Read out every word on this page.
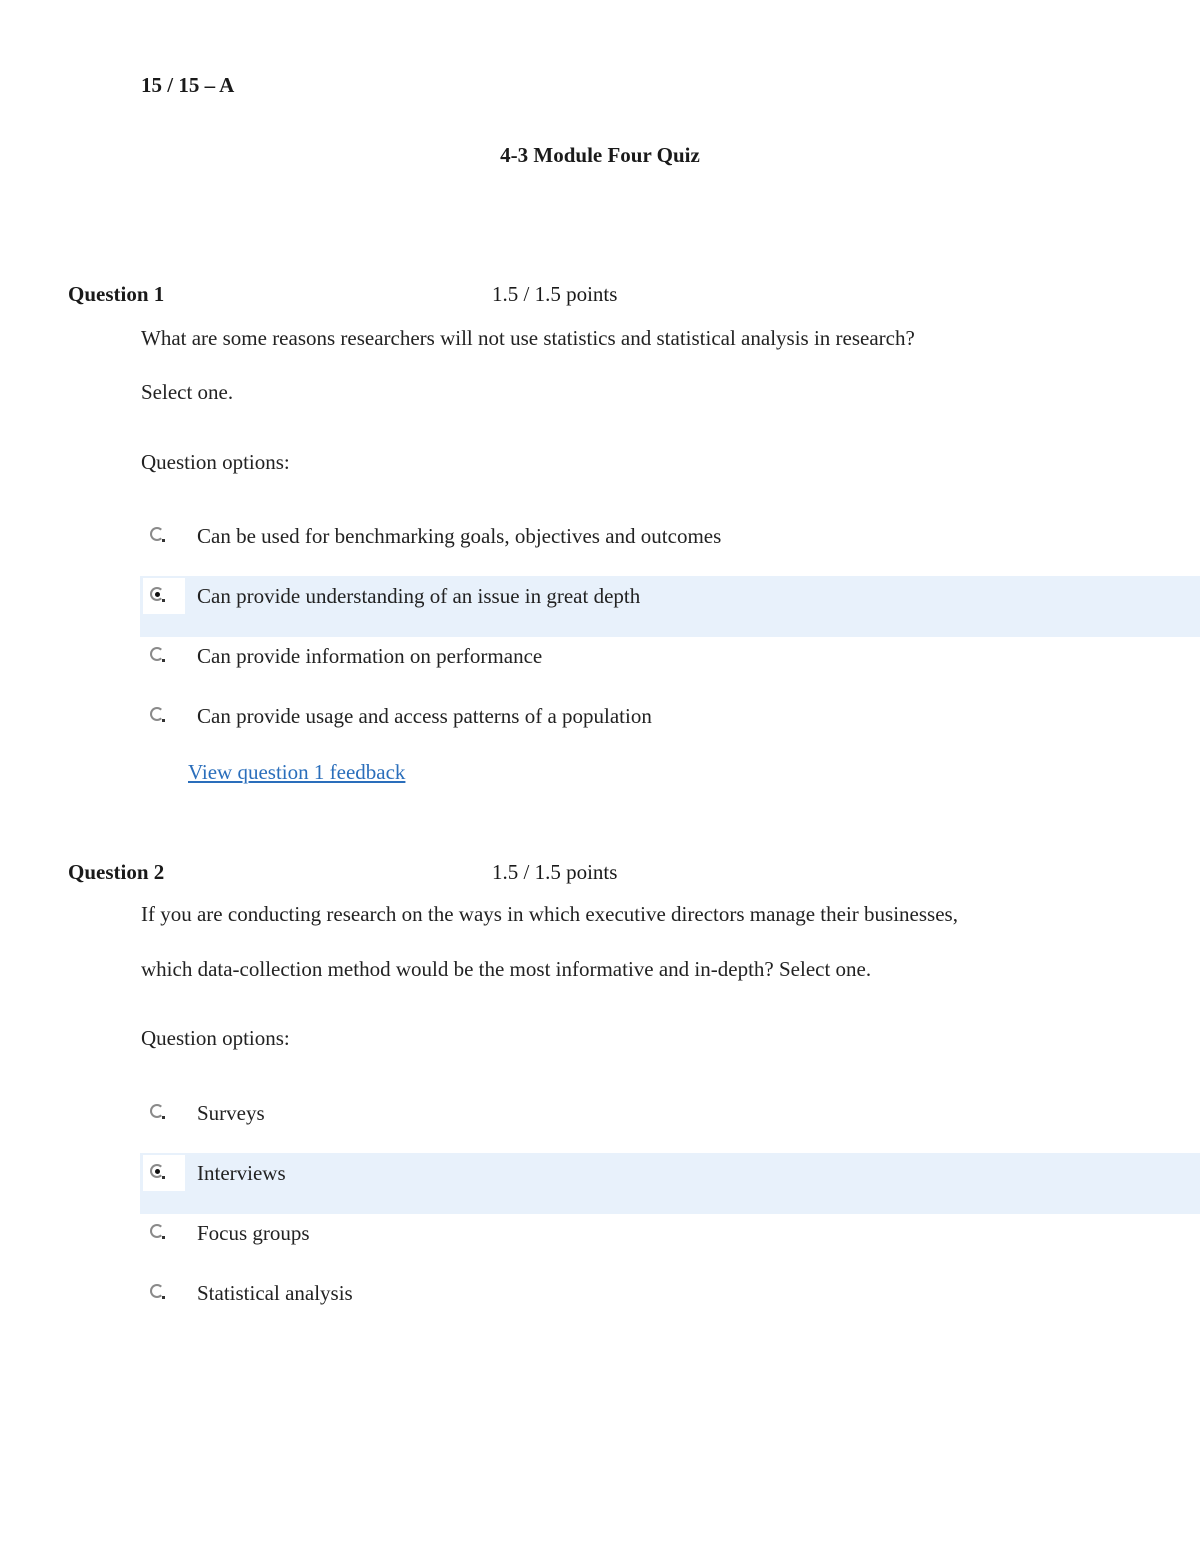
15 / 15 – A
4-3 Module Four Quiz
Question 1	1.5 / 1.5 points
What are some reasons researchers will not use statistics and statistical analysis in research?
Select one.
Question options:
Can be used for benchmarking goals, objectives and outcomes
Can provide understanding of an issue in great depth
Can provide information on performance
Can provide usage and access patterns of a population
View question 1 feedback
Question 2	1.5 / 1.5 points
If you are conducting research on the ways in which executive directors manage their businesses,
which data-collection method would be the most informative and in-depth? Select one.
Question options:
Surveys
Interviews
Focus groups
Statistical analysis
